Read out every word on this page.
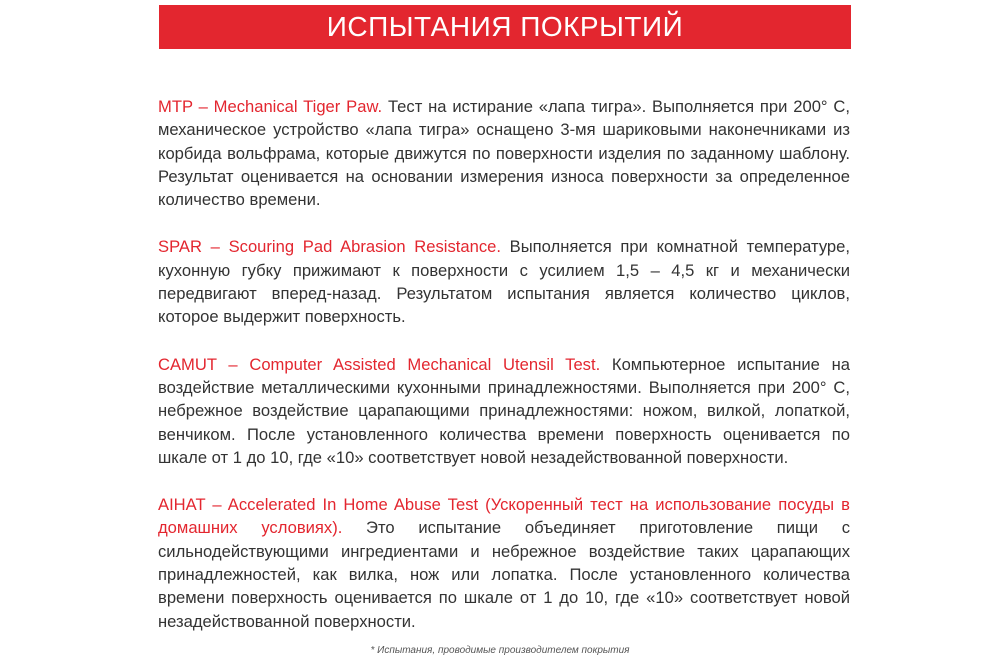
ИСПЫТАНИЯ ПОКРЫТИЙ

MTP – Mechanical Tiger Paw. Тест на истирание «лапа тигра». Выполняется при 200° С, механическое устройство «лапа тигра» оснащено 3-мя шариковыми наконечниками из корбида вольфрама, которые движутся по поверхности изделия по заданному шаблону. Результат оценивается на основании измерения износа поверхности за определенное количество времени.

SPAR – Scouring Pad Abrasion Resistance. Выполняется при комнатной температуре, кухонную губку прижимают к поверхности с усилием 1,5 – 4,5 кг и механически передвигают вперед-назад. Результатом испытания является количество циклов, которое выдержит поверхность.

CAMUT – Computer Assisted Mechanical Utensil Test. Компьютерное испытание на воздействие металлическими кухонными принадлежностями. Выполняется при 200° С, небрежное воздействие царапающими принадлежностями: ножом, вилкой, лопаткой, венчиком. После установленного количества времени поверхность оценивается по шкале от 1 до 10, где «10» соответствует новой незадействованной поверхности.

AIHAT – Accelerated In Home Abuse Test (Ускоренный тест на использование посуды в домашних условиях). Это испытание объединяет приготовление пищи с сильнодействующими ингредиентами и небрежное воздействие таких царапающих принадлежностей, как вилка, нож или лопатка. После установленного количества времени поверхность оценивается по шкале от 1 до 10, где «10» соответствует новой незадействованной поверхности.

* Испытания, проводимые производителем покрытия
